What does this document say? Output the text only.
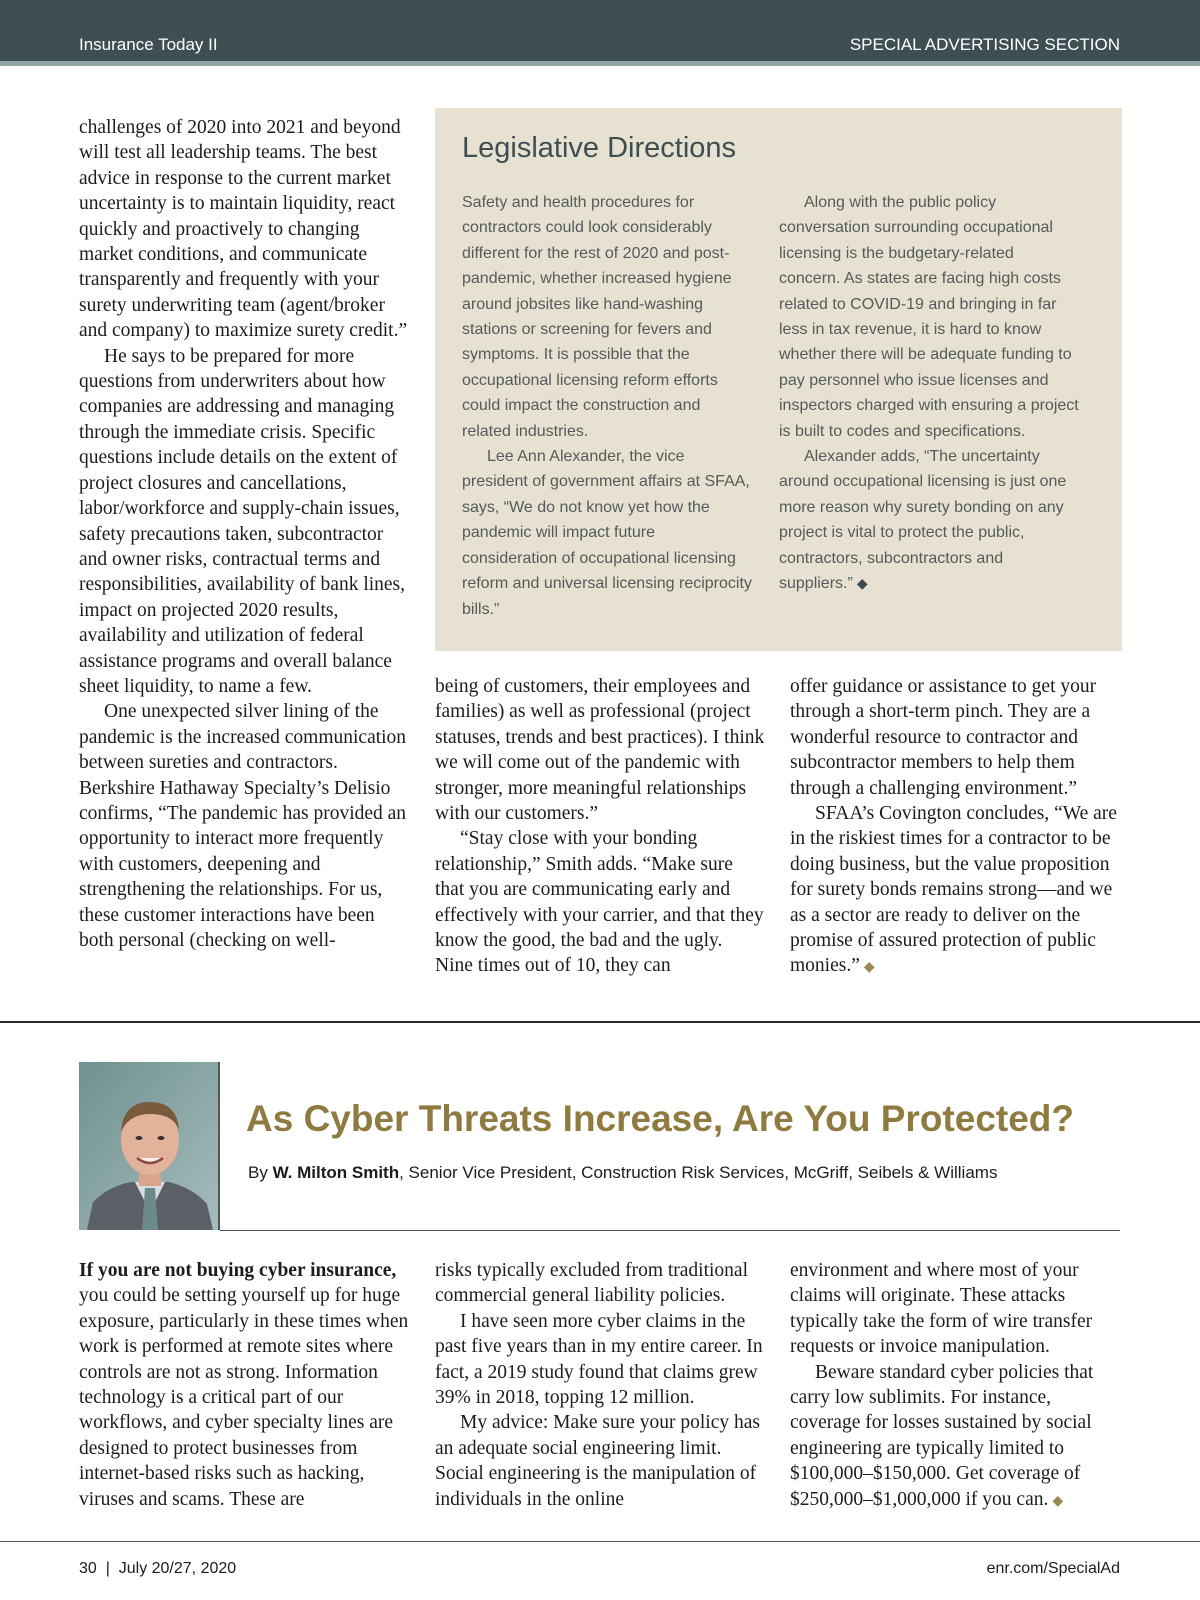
Insurance Today II	SPECIAL ADVERTISING SECTION

challenges of 2020 into 2021 and beyond will test all leadership teams. The best advice in response to the current market uncertainty is to maintain liquidity, react quickly and proactively to changing market conditions, and communicate transparently and frequently with your surety underwriting team (agent/broker and company) to maximize surety credit.”

He says to be prepared for more questions from underwriters about how companies are addressing and managing through the immediate crisis. Specific questions include details on the extent of project closures and cancellations, labor/workforce and supply-chain issues, safety precautions taken, subcontractor and owner risks, contractual terms and responsibilities, availability of bank lines, impact on projected 2020 results, availability and utilization of federal assistance programs and overall balance sheet liquidity, to name a few.

One unexpected silver lining of the pandemic is the increased communication between sureties and contractors. Berkshire Hathaway Specialty’s Delisio confirms, “The pandemic has provided an opportunity to interact more frequently with customers, deepening and strengthening the relationships. For us, these customer interactions have been both personal (checking on well-

Legislative Directions

Safety and health procedures for contractors could look considerably different for the rest of 2020 and post-pandemic, whether increased hygiene around jobsites like hand-washing stations or screening for fevers and symptoms. It is possible that the occupational licensing reform efforts could impact the construction and related industries.

Lee Ann Alexander, the vice president of government affairs at SFAA, says, “We do not know yet how the pandemic will impact future consideration of occupational licensing reform and universal licensing reciprocity bills.”

Along with the public policy conversation surrounding occupational licensing is the budgetary-related concern. As states are facing high costs related to COVID-19 and bringing in far less in tax revenue, it is hard to know whether there will be adequate funding to pay personnel who issue licenses and inspectors charged with ensuring a project is built to codes and specifications.

Alexander adds, “The uncertainty around occupational licensing is just one more reason why surety bonding on any project is vital to protect the public, contractors, subcontractors and suppliers.” ◆

being of customers, their employees and families) as well as professional (project statuses, trends and best practices). I think we will come out of the pandemic with stronger, more meaningful relationships with our customers.”

“Stay close with your bonding relationship,” Smith adds. “Make sure that you are communicating early and effectively with your carrier, and that they know the good, the bad and the ugly. Nine times out of 10, they can

offer guidance or assistance to get your through a short-term pinch. They are a wonderful resource to contractor and subcontractor members to help them through a challenging environment.”

SFAA’s Covington concludes, “We are in the riskiest times for a contractor to be doing business, but the value proposition for surety bonds remains strong—and we as a sector are ready to deliver on the promise of assured protection of public monies.” ◆

As Cyber Threats Increase, Are You Protected?
By W. Milton Smith, Senior Vice President, Construction Risk Services, McGriff, Seibels & Williams

If you are not buying cyber insurance, you could be setting yourself up for huge exposure, particularly in these times when work is performed at remote sites where controls are not as strong. Information technology is a critical part of our workflows, and cyber specialty lines are designed to protect businesses from internet-based risks such as hacking, viruses and scams. These are

risks typically excluded from traditional commercial general liability policies.

I have seen more cyber claims in the past five years than in my entire career. In fact, a 2019 study found that claims grew 39% in 2018, topping 12 million.

My advice: Make sure your policy has an adequate social engineering limit. Social engineering is the manipulation of individuals in the online

environment and where most of your claims will originate. These attacks typically take the form of wire transfer requests or invoice manipulation.

Beware standard cyber policies that carry low sublimits. For instance, coverage for losses sustained by social engineering are typically limited to $100,000–$150,000. Get coverage of $250,000–$1,000,000 if you can. ◆

30  |  July 20/27, 2020	enr.com/SpecialAd
